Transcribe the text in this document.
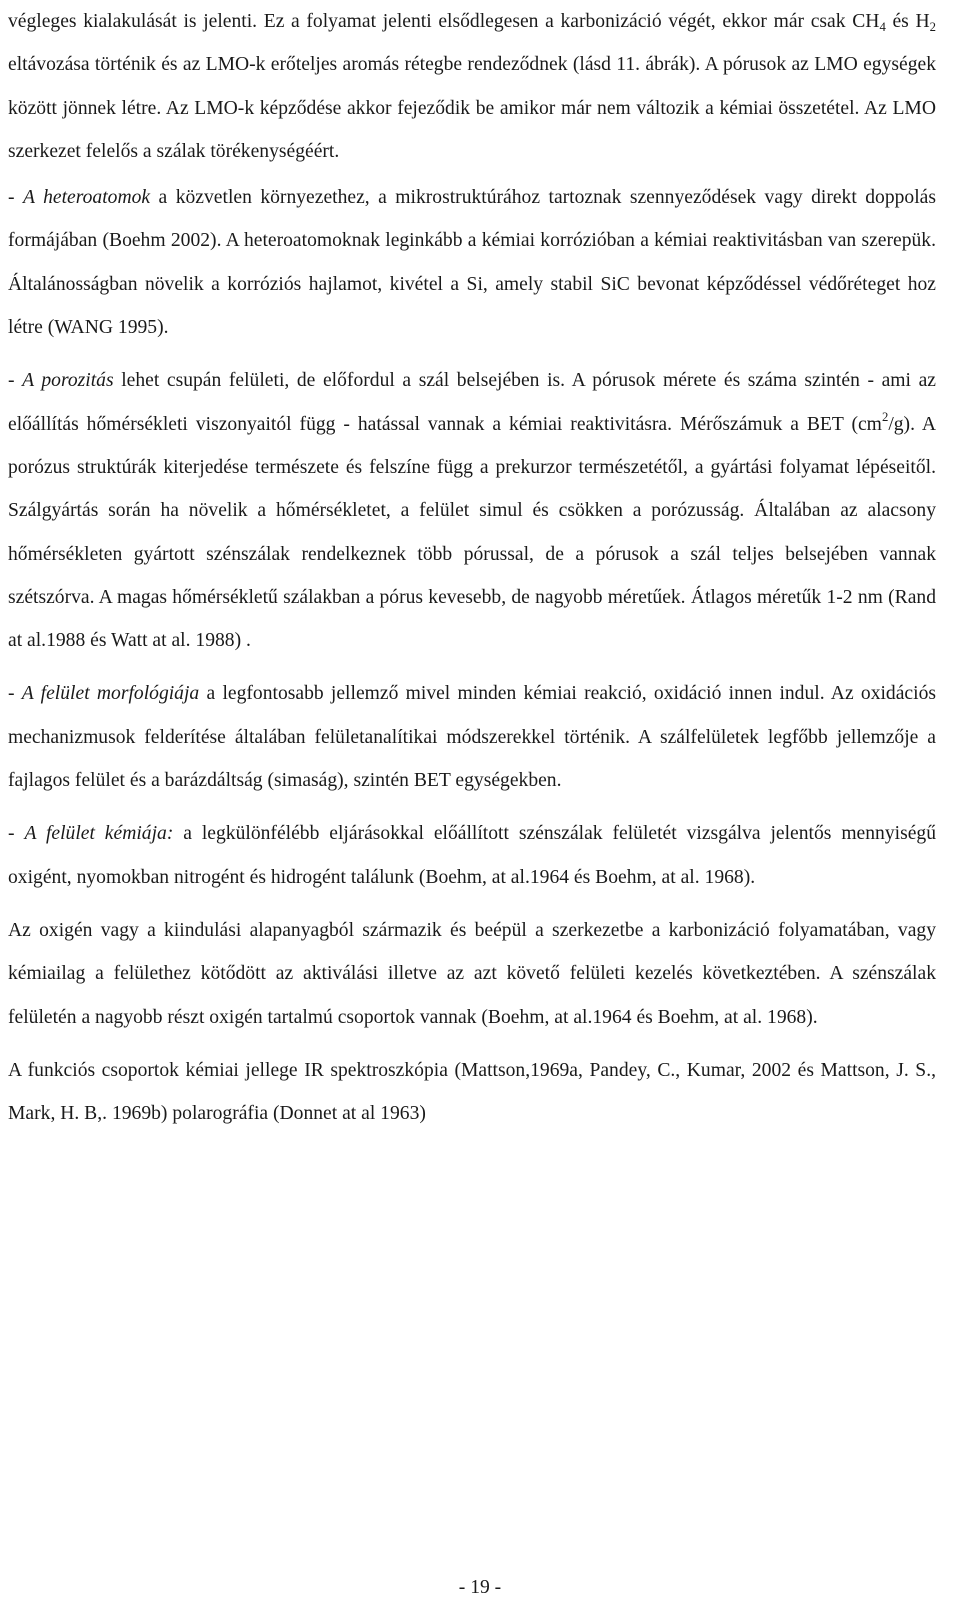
végleges kialakulását is jelenti. Ez a folyamat jelenti elsődlegesen a karbonizáció végét, ekkor már csak $CH_4$ és $H_2$ eltávozása történik és az LMO-k erőteljes aromás rétegbe rendeződnek (lásd 11. ábrák). A pórusok az LMO egységek között jönnek létre. Az LMO-k képződése akkor fejeződik be amikor már nem változik a kémiai összetétel. Az LMO szerkezet felelős a szálak törékenységéért.

- A heteroatomok a közvetlen környezethez, a mikrostruktúrához tartoznak szennyeződések vagy direkt doppolás formájában (Boehm 2002). A heteroatomoknak leginkább a kémiai korrózióban a kémiai reaktivitásban van szerepük. Általánosságban növelik a korróziós hajlamot, kivétel a Si, amely stabil SiC bevonat képződéssel védőréteget hoz létre (WANG 1995).

- A porozitás lehet csupán felületi, de előfordul a szál belsejében is. A pórusok mérete és száma szintén - ami az előállítás hőmérsékleti viszonyaitól függ - hatással vannak a kémiai reaktivitásra. Mérőszámuk a BET $(cm^2/g)$. A porózus struktúrák kiterjedése természete és felszíne függ a prekurzor természetétől, a gyártási folyamat lépéseitől. Szálgyártás során ha növelik a hőmérsékletet, a felület simul és csökken a porózusság. Általában az alacsony hőmérsékleten gyártott szénszálak rendelkeznek több pórussal, de a pórusok a szál teljes belsejében vannak szétszórva. A magas hőmérsékletű szálakban a pórus kevesebb, de nagyobb méretűek. Átlagos méretűk 1-2 nm (Rand at al.1988 és Watt at al. 1988) .

- A felület morfológiája a legfontosabb jellemző mivel minden kémiai reakció, oxidáció innen indul. Az oxidációs mechanizmusok felderítése általában felületanalítikai módszerekkel történik. A szálfelületek legfőbb jellemzője a fajlagos felület és a barázdáltság (simaság), szintén BET egységekben.

- A felület kémiája: a legkülönfélébb eljárásokkal előállított szénszálak felületét vizsgálva jelentős mennyiségű oxigént, nyomokban nitrogént és hidrogént találunk (Boehm, at al.1964 és Boehm, at al. 1968).

Az oxigén vagy a kiindulási alapanyagból származik és beépül a szerkezetbe a karbonizáció folyamatában, vagy kémiailag a felülethez kötődött az aktiválási illetve az azt követő felületi kezelés következtében. A szénszálak felületén a nagyobb részt oxigén tartalmú csoportok vannak (Boehm, at al.1964 és Boehm, at al. 1968).

A funkciós csoportok kémiai jellege IR spektroszkópia (Mattson,1969a, Pandey, C., Kumar, 2002 és Mattson, J. S., Mark, H. B,. 1969b) polarográfia (Donnet at al 1963)

- 19 -
